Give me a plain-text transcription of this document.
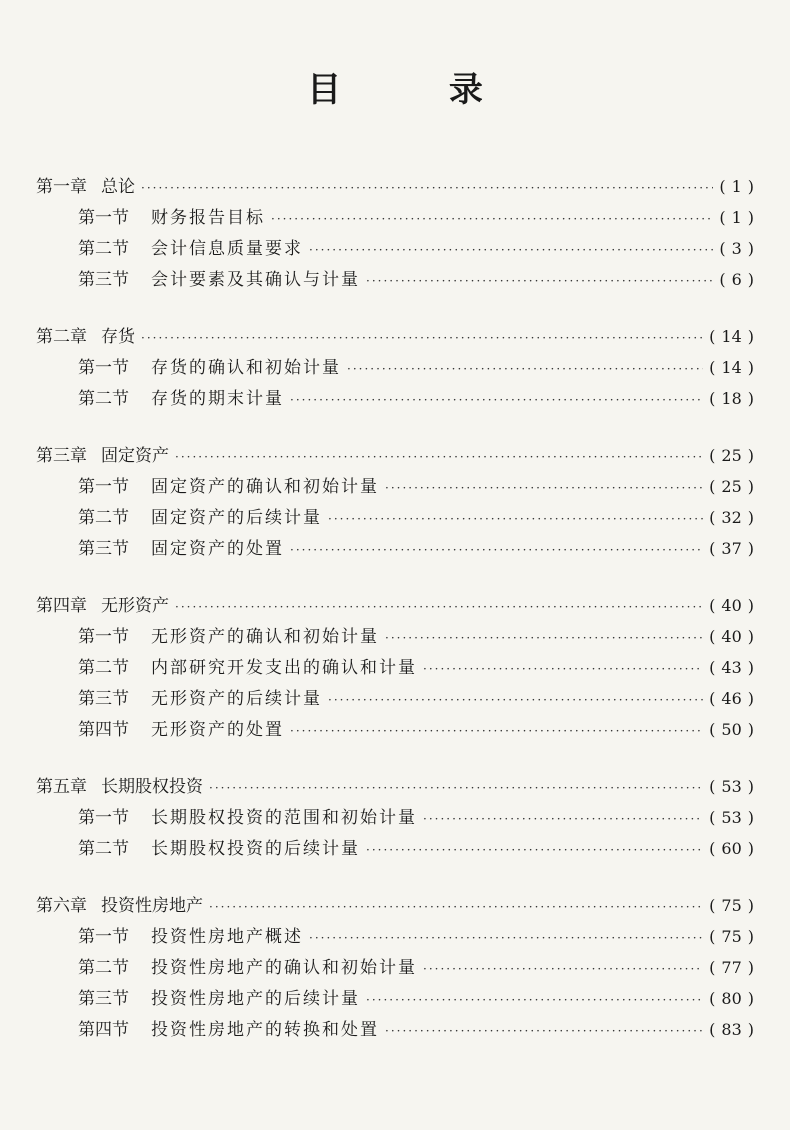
目 录
第一章 总论 ·····	( 1 )
第一节 财务报告目标 ·····	( 1 )
第二节 会计信息质量要求 ·····	( 3 )
第三节 会计要素及其确认与计量 ·····	( 6 )
第二章 存货 ·····	( 14 )
第一节 存货的确认和初始计量 ·····	( 14 )
第二节 存货的期末计量 ·····	( 18 )
第三章 固定资产 ·····	( 25 )
第一节 固定资产的确认和初始计量 ·····	( 25 )
第二节 固定资产的后续计量 ·····	( 32 )
第三节 固定资产的处置 ·····	( 37 )
第四章 无形资产 ·····	( 40 )
第一节 无形资产的确认和初始计量 ·····	( 40 )
第二节 内部研究开发支出的确认和计量 ·····	( 43 )
第三节 无形资产的后续计量 ·····	( 46 )
第四节 无形资产的处置 ·····	( 50 )
第五章 长期股权投资 ·····	( 53 )
第一节 长期股权投资的范围和初始计量 ·····	( 53 )
第二节 长期股权投资的后续计量 ·····	( 60 )
第六章 投资性房地产 ·····	( 75 )
第一节 投资性房地产概述 ·····	( 75 )
第二节 投资性房地产的确认和初始计量 ·····	( 77 )
第三节 投资性房地产的后续计量 ·····	( 80 )
第四节 投资性房地产的转换和处置 ·····	( 83 )
